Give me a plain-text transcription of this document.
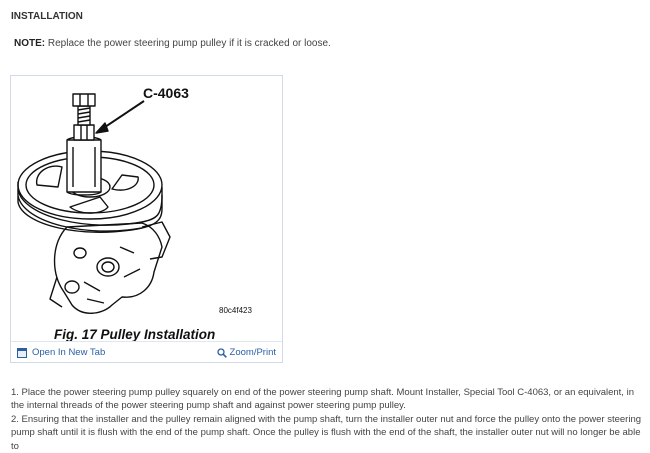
INSTALLATION
NOTE: Replace the power steering pump pulley if it is cracked or loose.
C-4063
80c4f423
Fig. 17 Pulley Installation
Open In New Tab	Zoom/Print

1. Place the power steering pump pulley squarely on end of the power steering pump shaft. Mount Installer, Special Tool C-4063, or an equivalent, in the internal threads of the power steering pump shaft and against power steering pump pulley.

2. Ensuring that the installer and the pulley remain aligned with the pump shaft, turn the installer outer nut and force the pulley onto the power steering pump shaft until it is flush with the end of the pump shaft. Once the pulley is flush with the end of the shaft, the installer outer nut will no longer be able to
